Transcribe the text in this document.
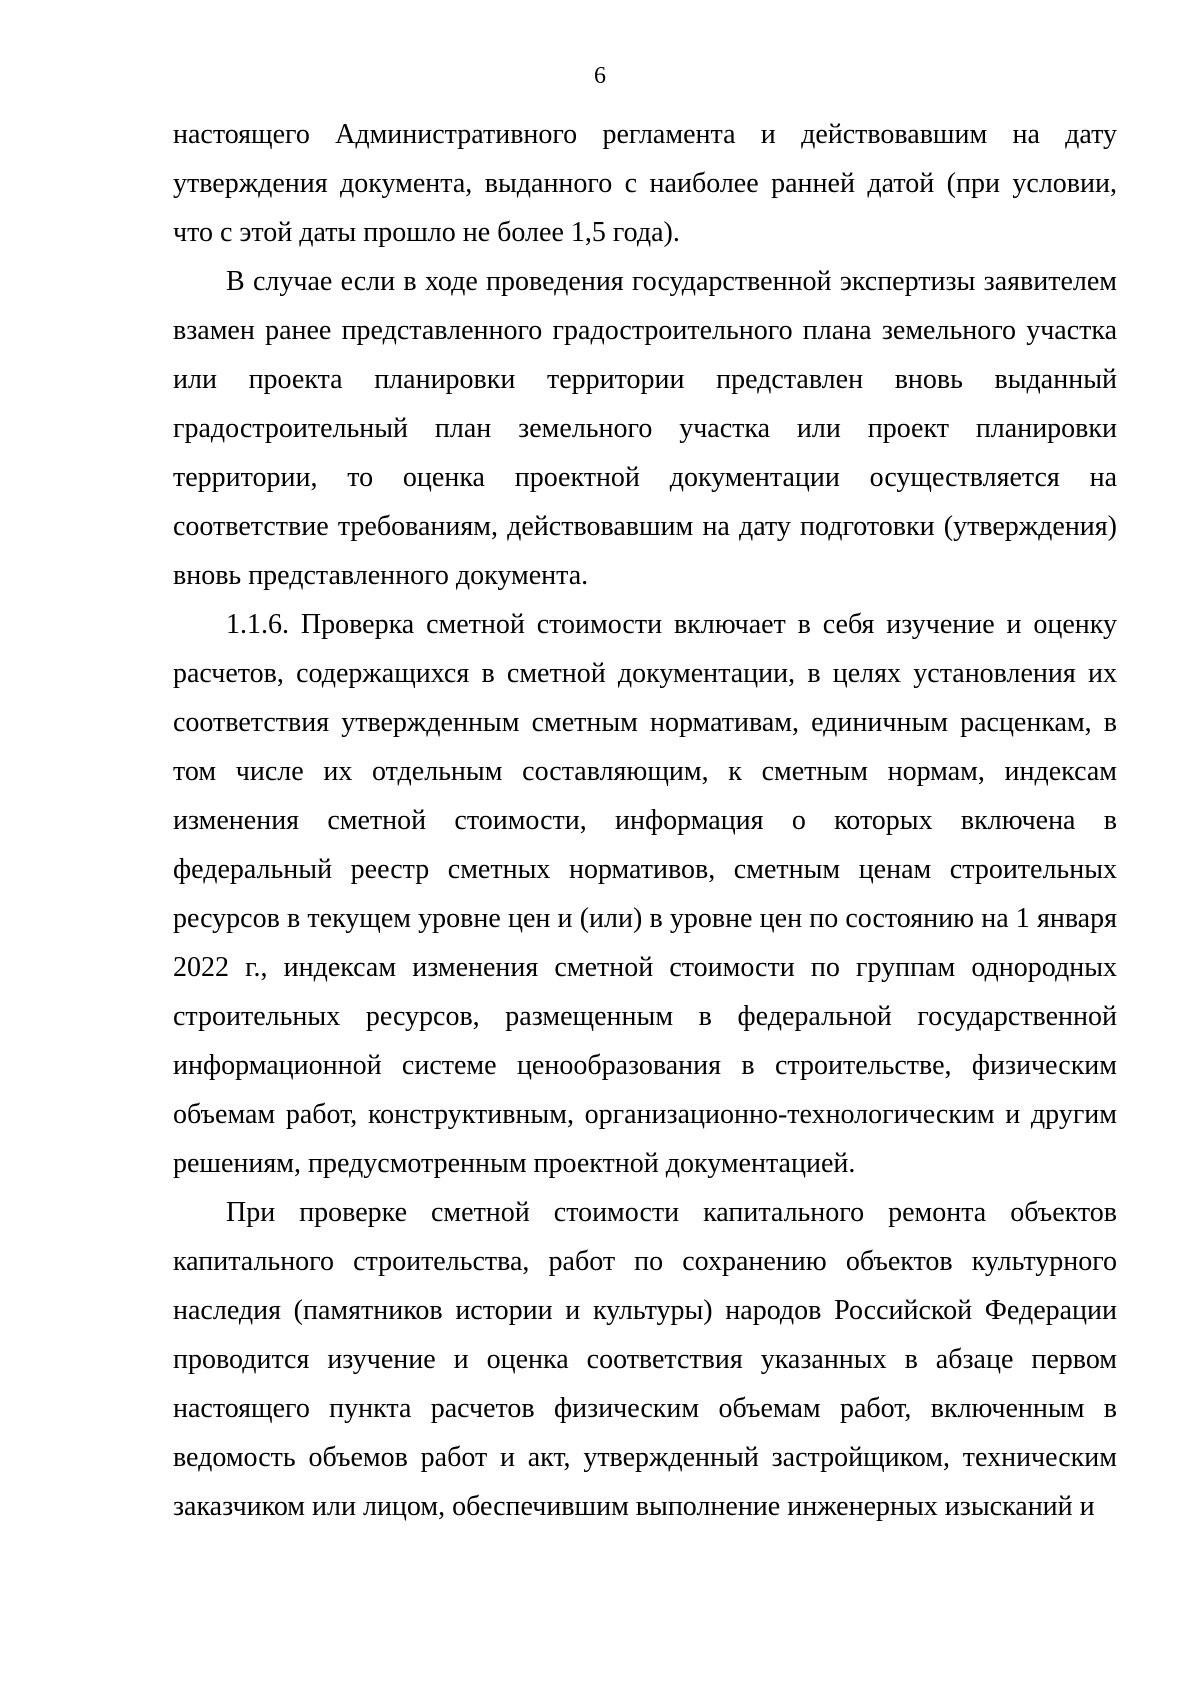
6

настоящего Административного регламента и действовавшим на дату утверждения документа, выданного с наиболее ранней датой (при условии, что с этой даты прошло не более 1,5 года).

В случае если в ходе проведения государственной экспертизы заявителем взамен ранее представленного градостроительного плана земельного участка или проекта планировки территории представлен вновь выданный градостроительный план земельного участка или проект планировки территории, то оценка проектной документации осуществляется на соответствие требованиям, действовавшим на дату подготовки (утверждения) вновь представленного документа.

1.1.6. Проверка сметной стоимости включает в себя изучение и оценку расчетов, содержащихся в сметной документации, в целях установления их соответствия утвержденным сметным нормативам, единичным расценкам, в том числе их отдельным составляющим, к сметным нормам, индексам изменения сметной стоимости, информация о которых включена в федеральный реестр сметных нормативов, сметным ценам строительных ресурсов в текущем уровне цен и (или) в уровне цен по состоянию на 1 января 2022 г., индексам изменения сметной стоимости по группам однородных строительных ресурсов, размещенным в федеральной государственной информационной системе ценообразования в строительстве, физическим объемам работ, конструктивным, организационно-технологическим и другим решениям, предусмотренным проектной документацией.

При проверке сметной стоимости капитального ремонта объектов капитального строительства, работ по сохранению объектов культурного наследия (памятников истории и культуры) народов Российской Федерации проводится изучение и оценка соответствия указанных в абзаце первом настоящего пункта расчетов физическим объемам работ, включенным в ведомость объемов работ и акт, утвержденный застройщиком, техническим заказчиком или лицом, обеспечившим выполнение инженерных изысканий и
